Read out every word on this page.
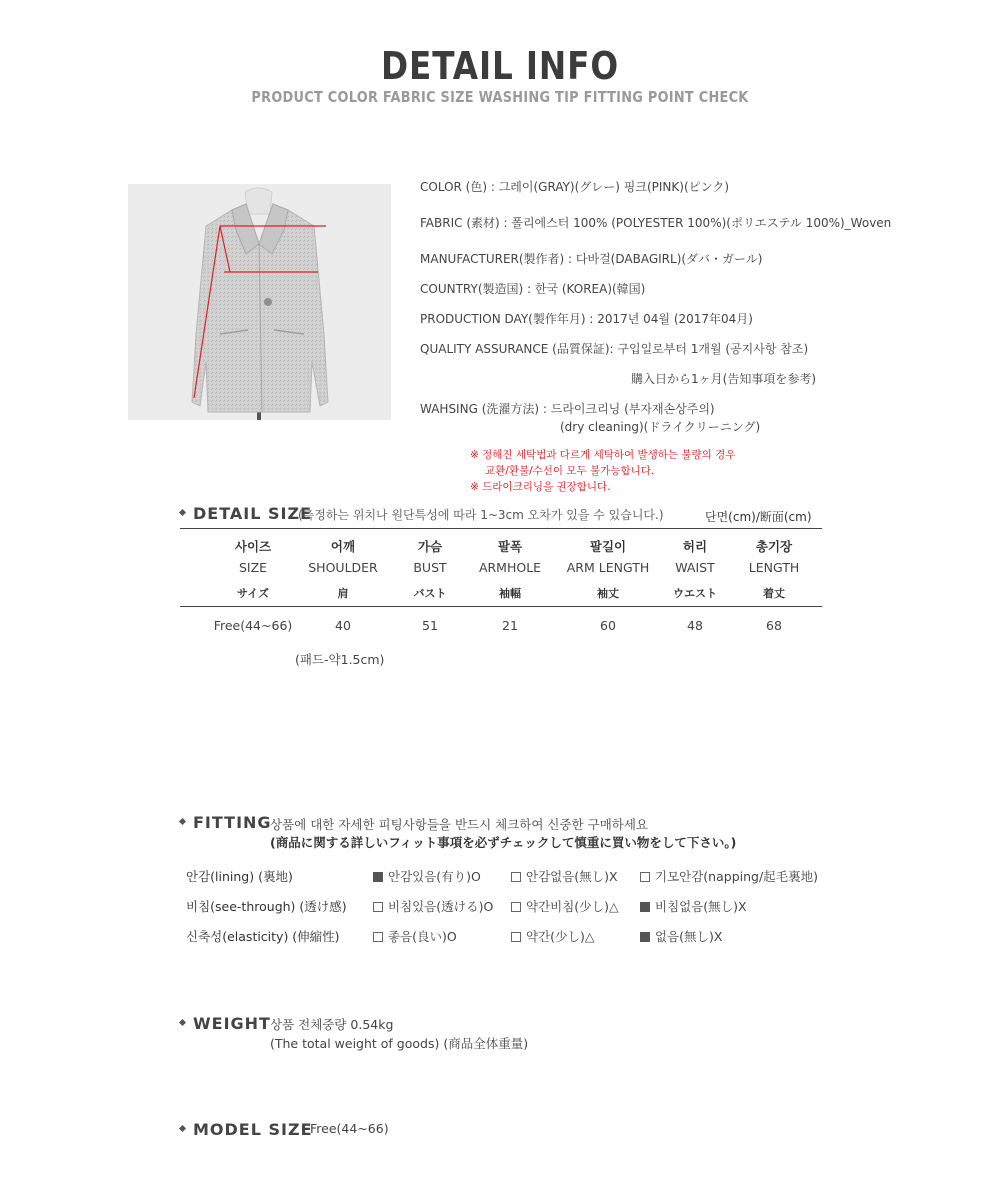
DETAIL INFO
PRODUCT COLOR FABRIC SIZE WASHING TIP FITTING POINT CHECK
COLOR (色) : 그레이(GRAY)(グレー) 핑크(PINK)(ピンク)
FABRIC (素材) : 폴리에스터 100% (POLYESTER 100%)(ポリエステル 100%)_Woven
MANUFACTURER(製作者) : 다바걸(DABAGIRL)(ダバ・ガール)
COUNTRY(製造国) : 한국 (KOREA)(韓国)
PRODUCTION DAY(製作年月) : 2017년 04월 (2017年04月)
QUALITY ASSURANCE (品質保証): 구입일로부터 1개월 (공지사항 참조)
購入日から1ヶ月(告知事項を参考)
WAHSING (洗濯方法) : 드라이크리닝 (부자재손상주의)
(dry cleaning)(ドライクリーニング)
※ 정해진 세탁법과 다르게 세탁하여 발생하는 불량의 경우
교환/환불/수선이 모두 불가능합니다.
※ 드라이크리닝을 권장합니다.
DETAIL SIZE
(측정하는 위치나 원단특성에 따라 1~3cm 오차가 있을 수 있습니다.)	단면(cm)/断面(cm)
사이즈	어깨	가슴	팔폭	팔길이	허리	총기장
SIZE	SHOULDER	BUST	ARMHOLE	ARM LENGTH	WAIST	LENGTH
サイズ	肩	バスト	袖幅	袖丈	ウエスト	着丈
Free(44~66)	40	51	21	60	48	68
(패드-약1.5cm)
FITTING
상품에 대한 자세한 피팅사항들을 반드시 체크하여 신중한 구매하세요
(商品に関する詳しいフィット事項を必ずチェックして慎重に買い物をして下さい。)
안감(lining) (裏地)	안감있음(有り)O	안감없음(無し)X	기모안감(napping/起毛裏地)
비침(see-through) (透け感)	비침있음(透ける)O	약간비침(少し)△	비침없음(無し)X
신축성(elasticity) (伸縮性)	좋음(良い)O	약간(少し)△	없음(無し)X
WEIGHT 상품 전체중량 0.54kg
(The total weight of goods) (商品全体重量)
MODEL SIZE
Free(44~66)
